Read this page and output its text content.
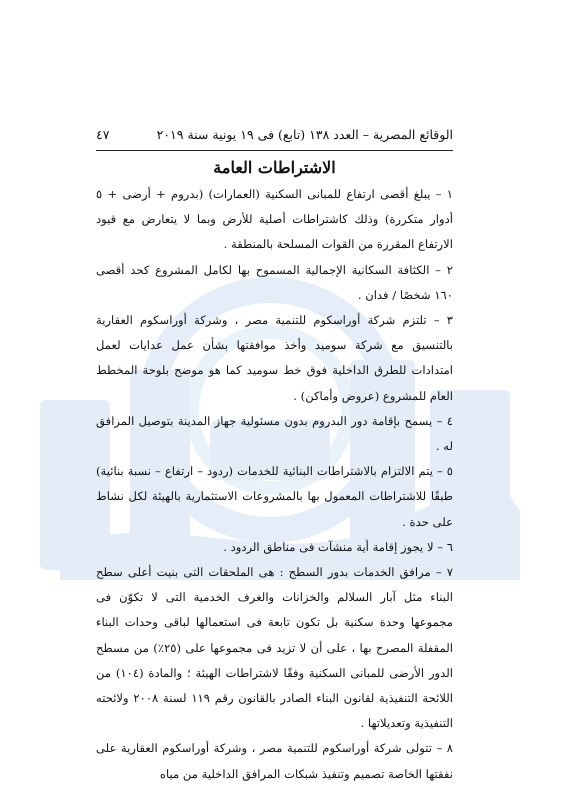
الوقائع المصرية – العدد ١٣٨ (تابع) فى ١٩ يونية سنة ٢٠١٩
٤٧
الاشتراطات العامة

١ – يبلغ أقصى ارتفاع للمبانى السكنية (العمارات) (بدروم + أرضى + ٥ أدوار متكررة) وذلك كاشتراطات أصلية للأرض وبما لا يتعارض مع قيود الارتفاع المقررة من القوات المسلحة بالمنطقة .

٢ – الكثافة السكانية الإجمالية المسموح بها لكامل المشروع كحد أقصى ١٦٠ شخصًا / فدان .

٣ – تلتزم شركة أوراسكوم للتنمية مصر ، وشركة أوراسكوم العقارية بالتنسيق مع شركة سوميد وأخذ موافقتها بشأن عمل عدايات لعمل امتدادات للطرق الداخلية فوق خط سوميد كما هو موضح بلوحة المخطط العام للمشروع (عروض وأماكن) .

٤ – يسمح بإقامة دور البدروم بدون مسئولية جهاز المدينة بتوصيل المرافق له .

٥ – يتم الالتزام بالاشتراطات البنائية للخدمات (ردود – ارتفاع – نسبة بنائية) طبقًا للاشتراطات المعمول بها بالمشروعات الاستثمارية بالهيئة لكل نشاط على حدة .

٦ – لا يجوز إقامة أية منشآت فى مناطق الردود .

٧ – مرافق الخدمات بدور السطح : هى الملحقات التى بنيت أعلى سطح البناء مثل آبار السلالم والخزانات والغرف الخدمية التى لا تكوّن فى مجموعها وحدة سكنية بل تكون تابعة فى استعمالها لباقى وحدات البناء المقفلة المصرح بها ، على أن لا تزيد فى مجموعها على (٢٥٪) من مسطح الدور الأرضى للمبانى السكنية وفقًا لاشتراطات الهيئة ؛ والمادة (١٠٤) من اللائحة التنفيذية لقانون البناء الصادر بالقانون رقم ١١٩ لسنة ٢٠٠٨ ولائحته التنفيذية وتعديلاتها .

٨ – تتولى شركة أوراسكوم للتنمية مصر ، وشركة أوراسكوم العقارية على نفقتها الخاصة تصميم وتنفيذ شبكات المرافق الداخلية من مياه
